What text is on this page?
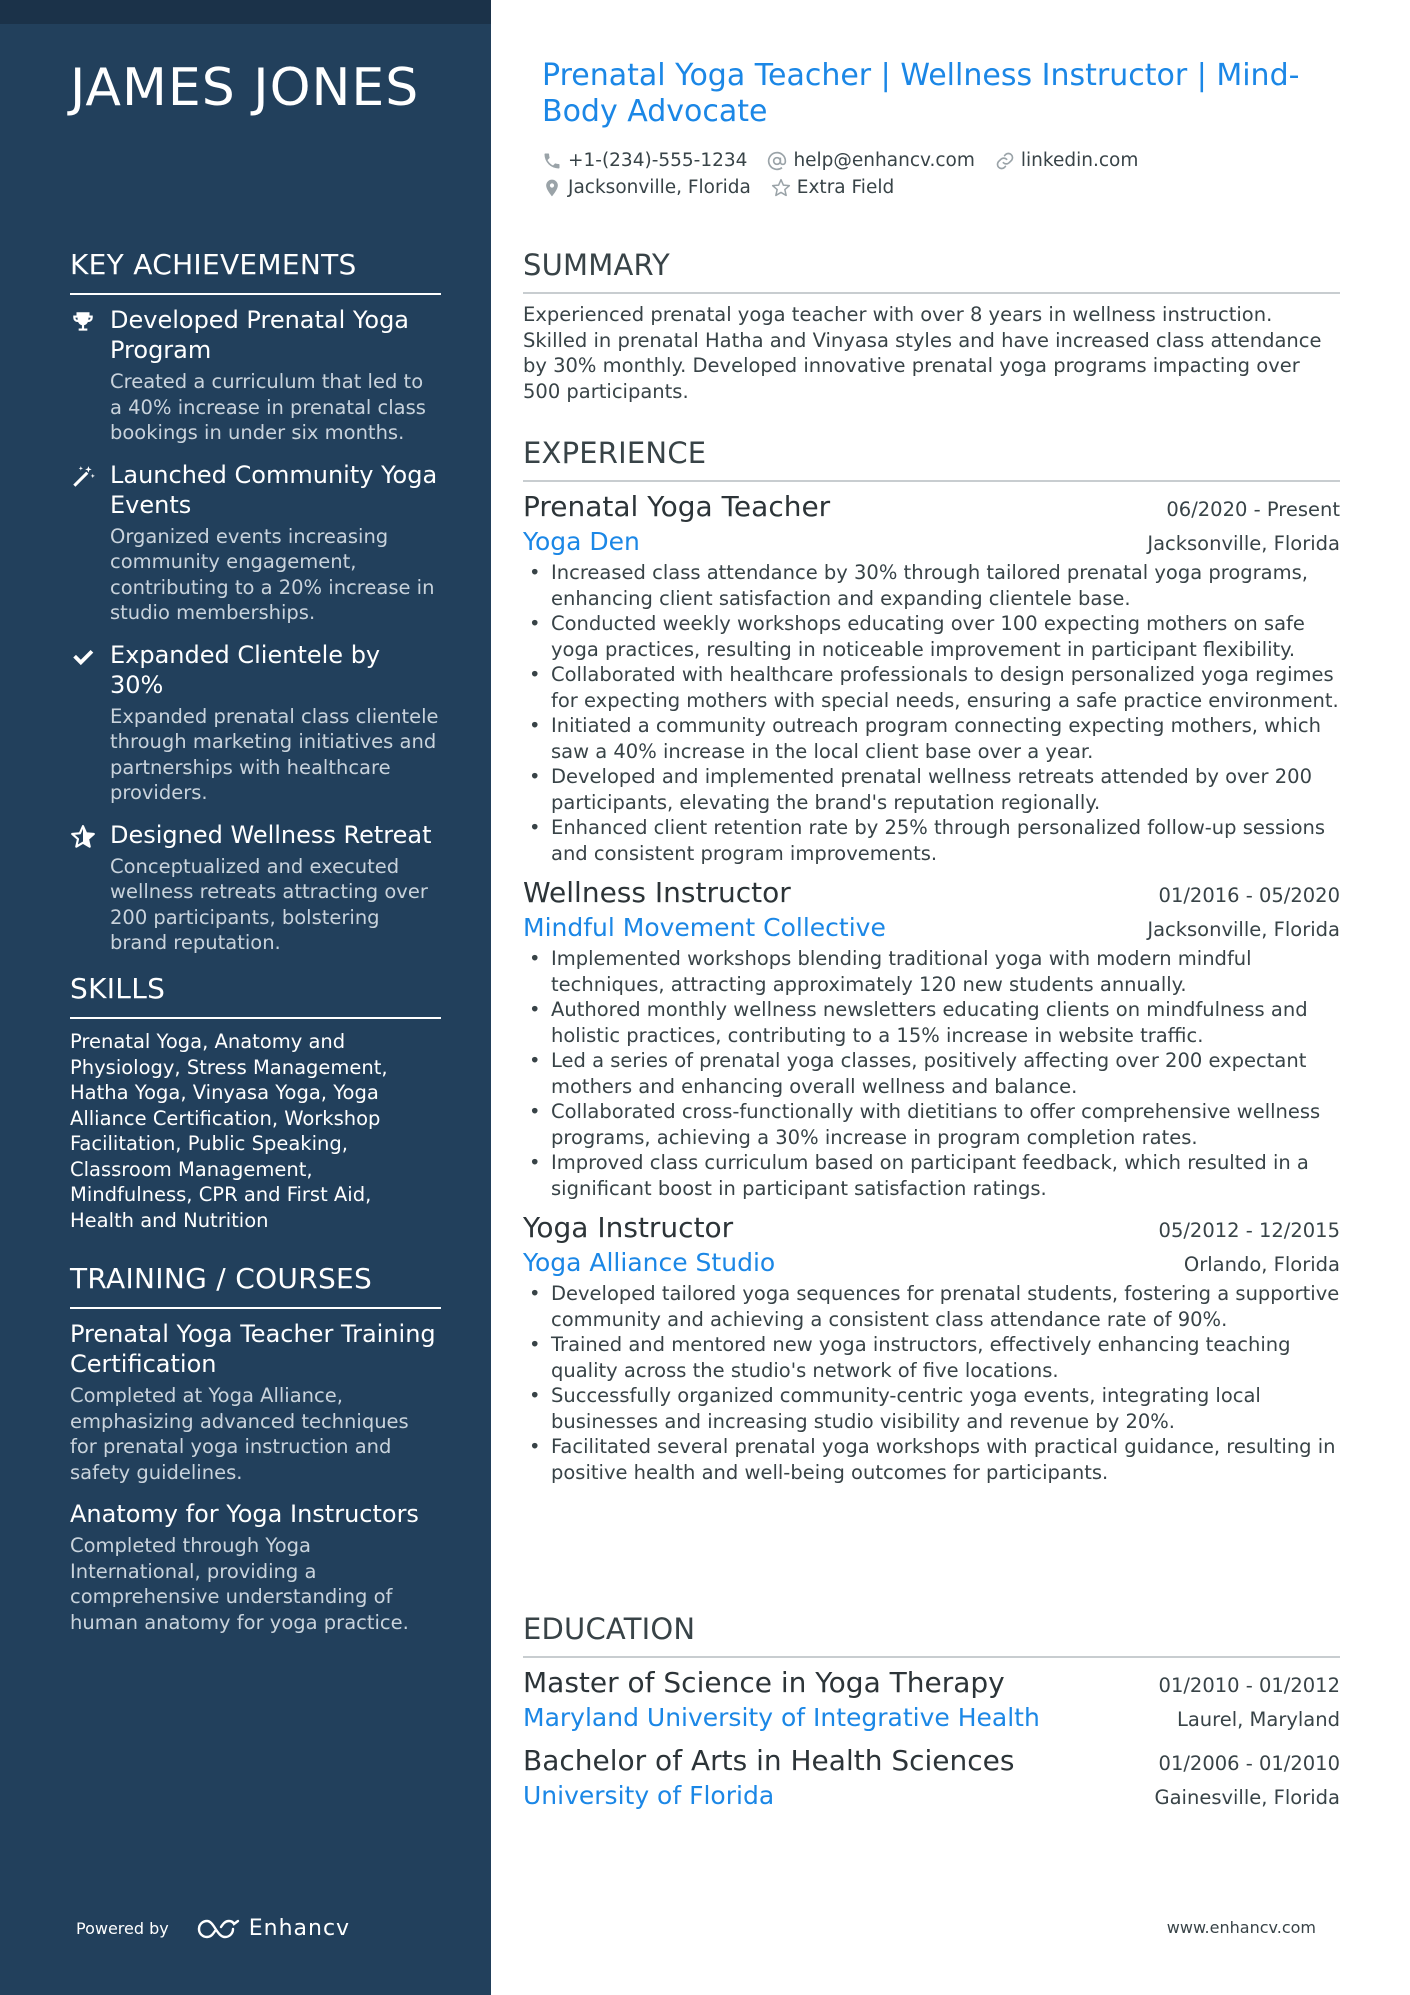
JAMES JONES
KEY ACHIEVEMENTS
Developed Prenatal Yoga Program
Created a curriculum that led to a 40% increase in prenatal class bookings in under six months.
Launched Community Yoga Events
Organized events increasing community engagement, contributing to a 20% increase in studio memberships.
Expanded Clientele by 30%
Expanded prenatal class clientele through marketing initiatives and partnerships with healthcare providers.
Designed Wellness Retreat
Conceptualized and executed wellness retreats attracting over 200 participants, bolstering brand reputation.
SKILLS
Prenatal Yoga, Anatomy and Physiology, Stress Management, Hatha Yoga, Vinyasa Yoga, Yoga Alliance Certification, Workshop Facilitation, Public Speaking, Classroom Management, Mindfulness, CPR and First Aid, Health and Nutrition
TRAINING / COURSES
Prenatal Yoga Teacher Training Certification
Completed at Yoga Alliance, emphasizing advanced techniques for prenatal yoga instruction and safety guidelines.
Anatomy for Yoga Instructors
Completed through Yoga International, providing a comprehensive understanding of human anatomy for yoga practice.
Powered by	Enhancv
Prenatal Yoga Teacher | Wellness Instructor | Mind-Body Advocate
+1-(234)-555-1234 help@enhancv.com linkedin.com
Jacksonville, Florida Extra Field
SUMMARY
Experienced prenatal yoga teacher with over 8 years in wellness instruction. Skilled in prenatal Hatha and Vinyasa styles and have increased class attendance by 30% monthly. Developed innovative prenatal yoga programs impacting over 500 participants.
EXPERIENCE
Prenatal Yoga Teacher	06/2020 - Present
Yoga Den	Jacksonville, Florida
• Increased class attendance by 30% through tailored prenatal yoga programs, enhancing client satisfaction and expanding clientele base.
• Conducted weekly workshops educating over 100 expecting mothers on safe yoga practices, resulting in noticeable improvement in participant flexibility.
• Collaborated with healthcare professionals to design personalized yoga regimes for expecting mothers with special needs, ensuring a safe practice environment.
• Initiated a community outreach program connecting expecting mothers, which saw a 40% increase in the local client base over a year.
• Developed and implemented prenatal wellness retreats attended by over 200 participants, elevating the brand's reputation regionally.
• Enhanced client retention rate by 25% through personalized follow-up sessions and consistent program improvements.
Wellness Instructor	01/2016 - 05/2020
Mindful Movement Collective	Jacksonville, Florida
• Implemented workshops blending traditional yoga with modern mindful techniques, attracting approximately 120 new students annually.
• Authored monthly wellness newsletters educating clients on mindfulness and holistic practices, contributing to a 15% increase in website traffic.
• Led a series of prenatal yoga classes, positively affecting over 200 expectant mothers and enhancing overall wellness and balance.
• Collaborated cross-functionally with dietitians to offer comprehensive wellness programs, achieving a 30% increase in program completion rates.
• Improved class curriculum based on participant feedback, which resulted in a significant boost in participant satisfaction ratings.
Yoga Instructor	05/2012 - 12/2015
Yoga Alliance Studio	Orlando, Florida
• Developed tailored yoga sequences for prenatal students, fostering a supportive community and achieving a consistent class attendance rate of 90%.
• Trained and mentored new yoga instructors, effectively enhancing teaching quality across the studio's network of five locations.
• Successfully organized community-centric yoga events, integrating local businesses and increasing studio visibility and revenue by 20%.
• Facilitated several prenatal yoga workshops with practical guidance, resulting in positive health and well-being outcomes for participants.
EDUCATION
Master of Science in Yoga Therapy	01/2010 - 01/2012
Maryland University of Integrative Health	Laurel, Maryland
Bachelor of Arts in Health Sciences	01/2006 - 01/2010
University of Florida	Gainesville, Florida
www.enhancv.com
